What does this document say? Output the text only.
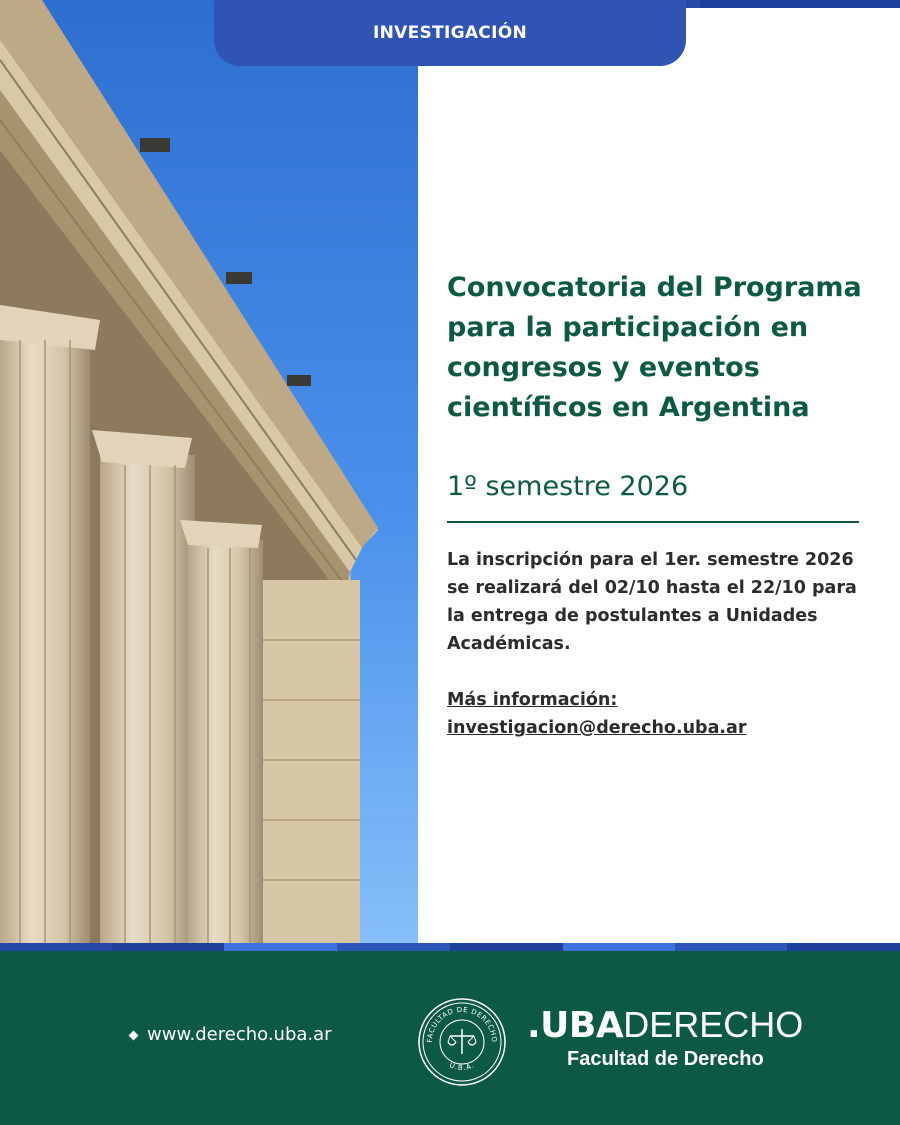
INVESTIGACIÓN
Convocatoria del Programa para la participación en congresos y eventos científicos en Argentina

1º semestre 2026

La inscripción para el 1er. semestre 2026 se realizará del 02/10 hasta el 22/10 para la entrega de postulantes a Unidades Académicas.

Más información:
investigacion@derecho.uba.ar

www.derecho.uba.ar	FACULTAD DE DERECHO
U.B.A.
.UBADERECHO
Facultad de Derecho
